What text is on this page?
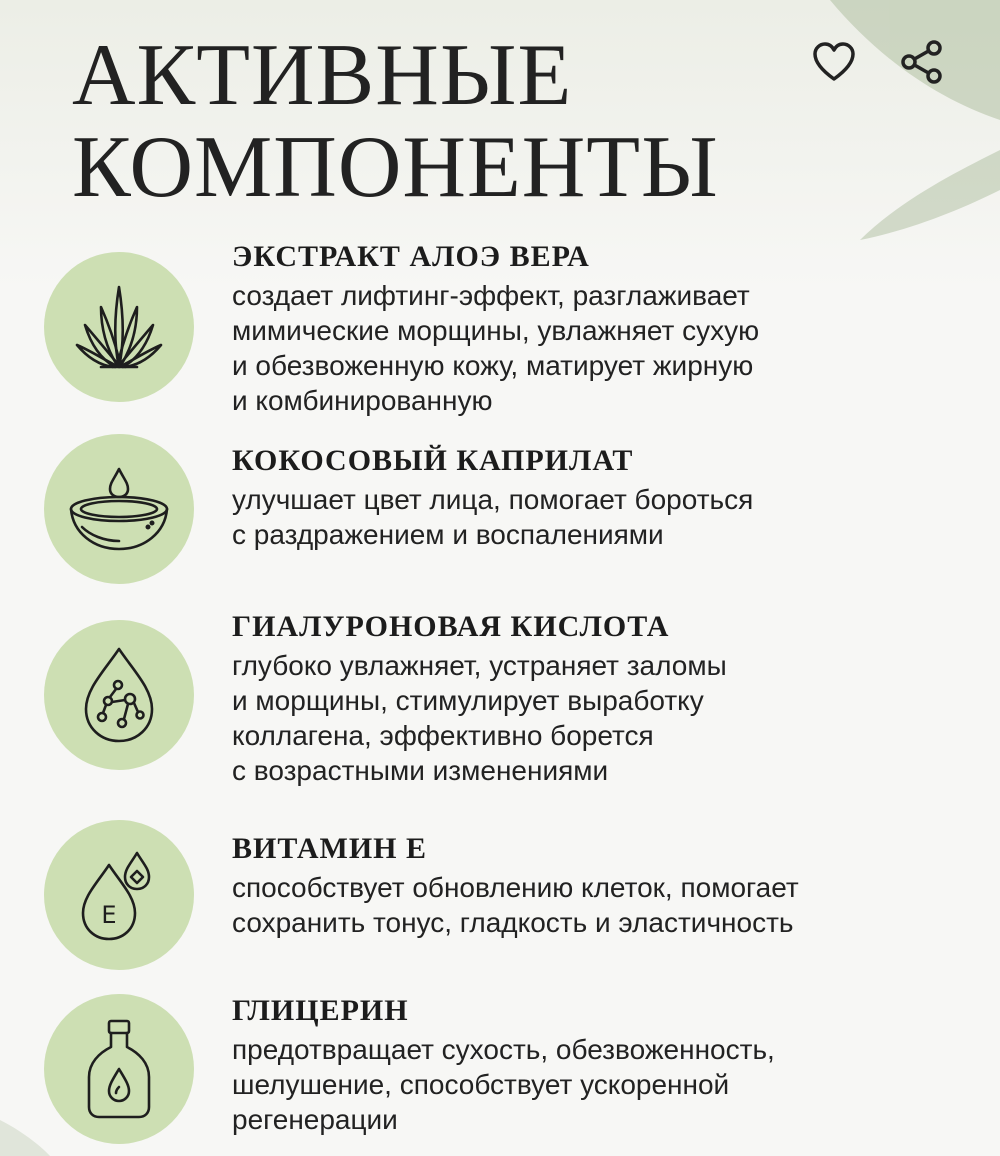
АКТИВНЫЕ
КОМПОНЕНТЫ
ЭКСТРАКТ АЛОЭ ВЕРА
создает лифтинг-эффект, разглаживает
мимические морщины, увлажняет сухую
и обезвоженную кожу, матирует жирную
и комбинированную
КОКОСОВЫЙ КАПРИЛАТ
улучшает цвет лица, помогает бороться
с раздражением и воспалениями
ГИАЛУРОНОВАЯ КИСЛОТА
глубоко увлажняет, устраняет заломы
и морщины, стимулирует выработку
коллагена, эффективно борется
с возрастными изменениями
E
ВИТАМИН Е
способствует обновлению клеток, помогает
сохранить тонус, гладкость и эластичность
ГЛИЦЕРИН
предотвращает сухость, обезвоженность,
шелушение, способствует ускоренной
регенерации
